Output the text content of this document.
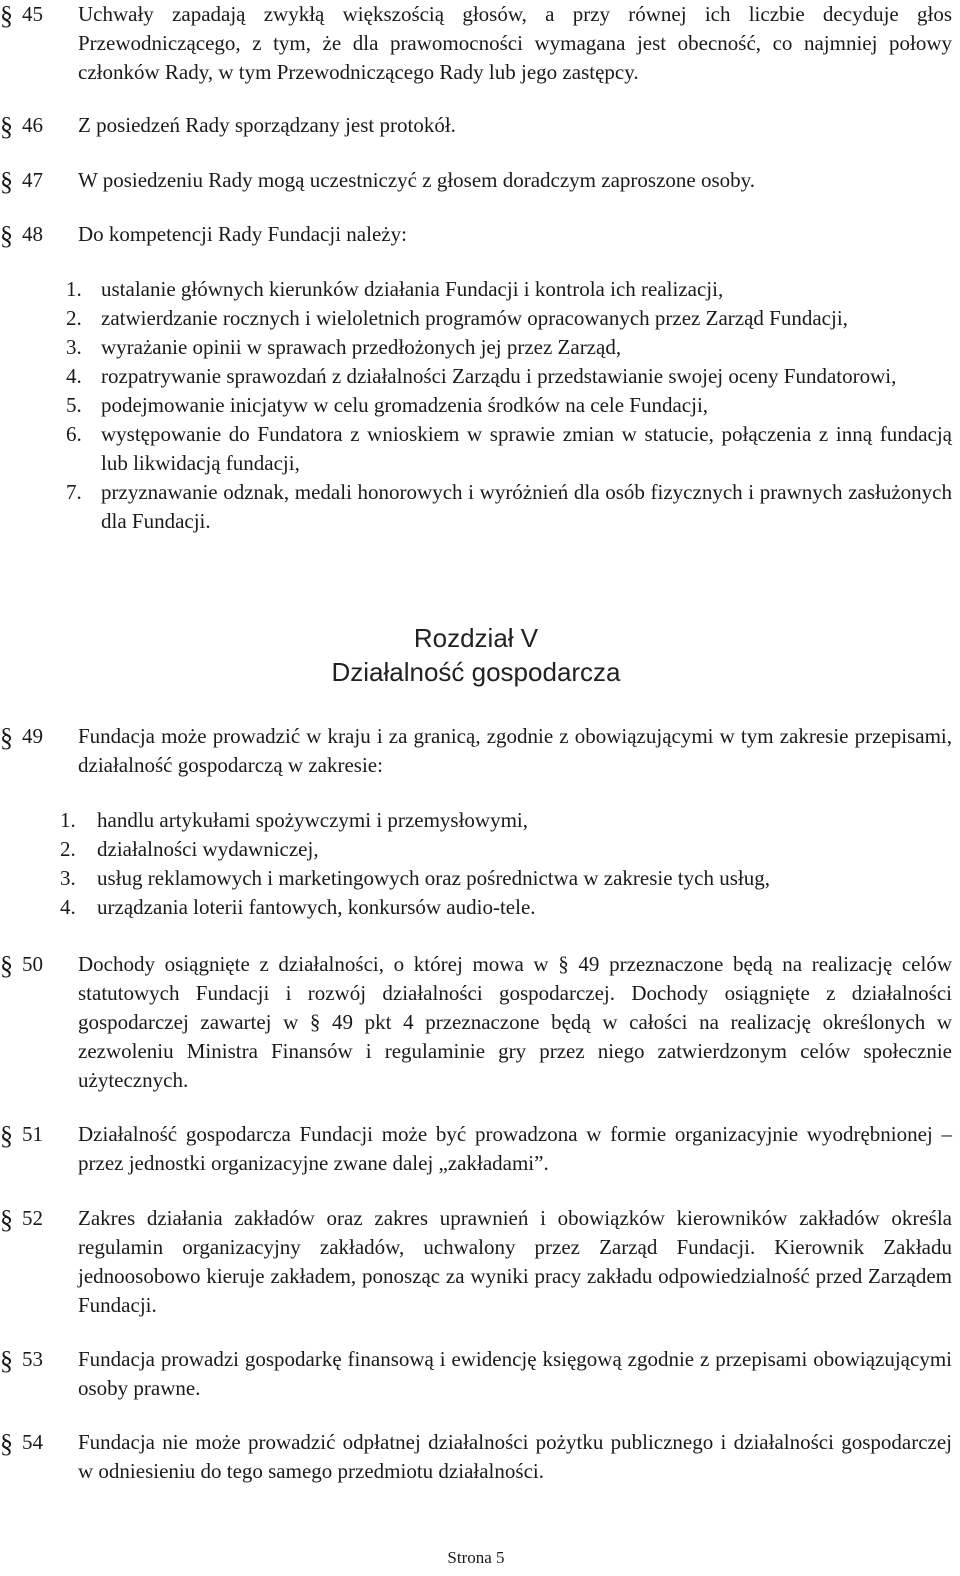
§ 45	Uchwały zapadają zwykłą większością głosów, a przy równej ich liczbie decyduje głos Przewodniczącego, z tym, że dla prawomocności wymagana jest obecność, co najmniej połowy członków Rady, w tym Przewodniczącego Rady lub jego zastępcy.
§ 46	Z posiedzeń Rady sporządzany jest protokół.
§ 47	W posiedzeniu Rady mogą uczestniczyć z głosem doradczym zaproszone osoby.
§ 48	Do kompetencji Rady Fundacji należy:
1. ustalanie głównych kierunków działania Fundacji i kontrola ich realizacji,
2. zatwierdzanie rocznych i wieloletnich programów opracowanych przez Zarząd Fundacji,
3. wyrażanie opinii w sprawach przedłożonych jej przez Zarząd,
4. rozpatrywanie sprawozdań z działalności Zarządu i przedstawianie swojej oceny Fundatorowi,
5. podejmowanie inicjatyw w celu gromadzenia środków na cele Fundacji,
6. występowanie do Fundatora z wnioskiem w sprawie zmian w statucie, połączenia z inną fundacją lub likwidacją fundacji,
7. przyznawanie odznak, medali honorowych i wyróżnień dla osób fizycznych i prawnych zasłużonych dla Fundacji.
Rozdział V
Działalność gospodarcza
§ 49	Fundacja może prowadzić w kraju i za granicą, zgodnie z obowiązującymi w tym zakresie przepisami, działalność gospodarczą w zakresie:
1.	handlu artykułami spożywczymi i przemysłowymi,
2.	działalności wydawniczej,
3.	usług reklamowych i marketingowych oraz pośrednictwa w zakresie tych usług,
4.	urządzania loterii fantowych, konkursów audio-tele.
§ 50	Dochody osiągnięte z działalności, o której mowa w § 49 przeznaczone będą na realizację celów statutowych Fundacji i rozwój działalności gospodarczej. Dochody osiągnięte z działalności gospodarczej zawartej w § 49 pkt 4 przeznaczone będą w całości na realizację określonych w zezwoleniu Ministra Finansów i regulaminie gry przez niego zatwierdzonym celów społecznie użytecznych.
§ 51	Działalność gospodarcza Fundacji może być prowadzona w formie organizacyjnie wyodrębnionej – przez jednostki organizacyjne zwane dalej „zakładami”.
§ 52	Zakres działania zakładów oraz zakres uprawnień i obowiązków kierowników zakładów określa regulamin organizacyjny zakładów, uchwalony przez Zarząd Fundacji. Kierownik Zakładu jednoosobowo kieruje zakładem, ponosząc za wyniki pracy zakładu odpowiedzialność przed Zarządem Fundacji.
§ 53	Fundacja prowadzi gospodarkę finansową i ewidencję księgową zgodnie z przepisami obowiązującymi osoby prawne.
§ 54	Fundacja nie może prowadzić odpłatnej działalności pożytku publicznego i działalności gospodarczej w odniesieniu do tego samego przedmiotu działalności.
Strona 5
